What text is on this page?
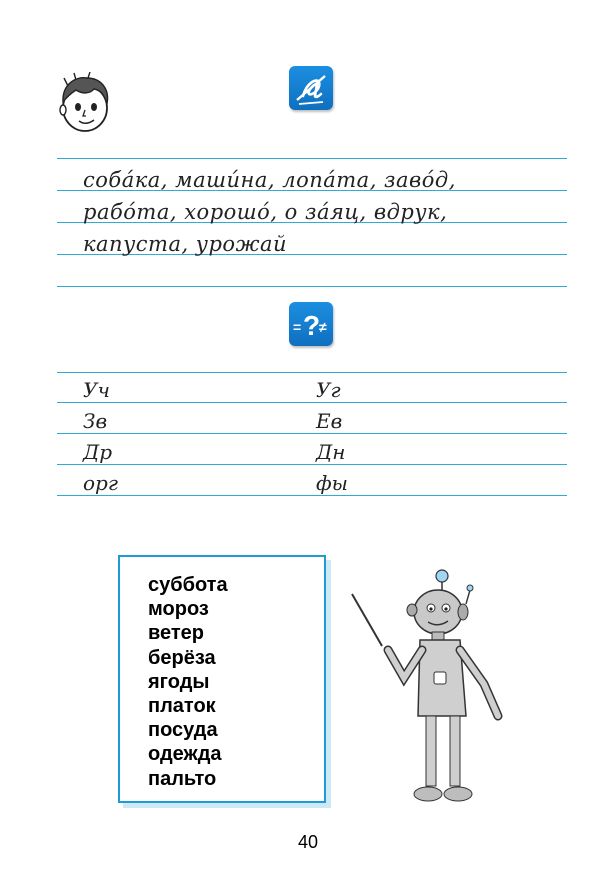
собáка, машúна, лопáта, завóд,
рабóта, хорошó, о зáяц, вдрук,
капуста, урожай
= ?
≠
Уч
Зв
Др
орг
Уг
Ев
Дн
фы
суббота
мороз
ветер
берёза
ягоды
платок
посуда
одежда
пальто
40
